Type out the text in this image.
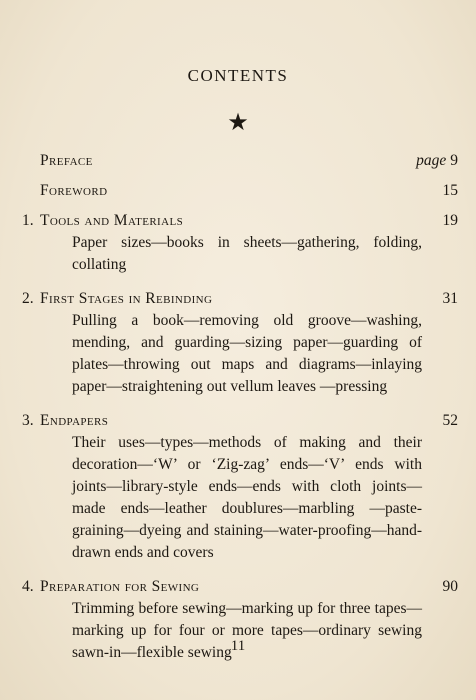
CONTENTS
★
Preface	page 9
Foreword	15
1. Tools and Materials	19
Paper sizes—books in sheets—gathering, folding, collating
2. First Stages in Rebinding	31
Pulling a book—removing old groove—washing, mending, and guarding—sizing paper—guarding of plates—throwing out maps and diagrams—inlaying paper—straightening out vellum leaves —pressing
3. Endpapers	52
Their uses—types—methods of making and their decoration—‘W’ or ‘Zig-zag’ ends—‘V’ ends with joints—library-style ends—ends with cloth joints—made ends—leather doublures—marbling —paste-graining—dyeing and staining—water-proofing—hand-drawn ends and covers
4. Preparation for Sewing	90
Trimming before sewing—marking up for three tapes—marking up for four or more tapes—ordinary sewing sawn-in—flexible sewing 11
